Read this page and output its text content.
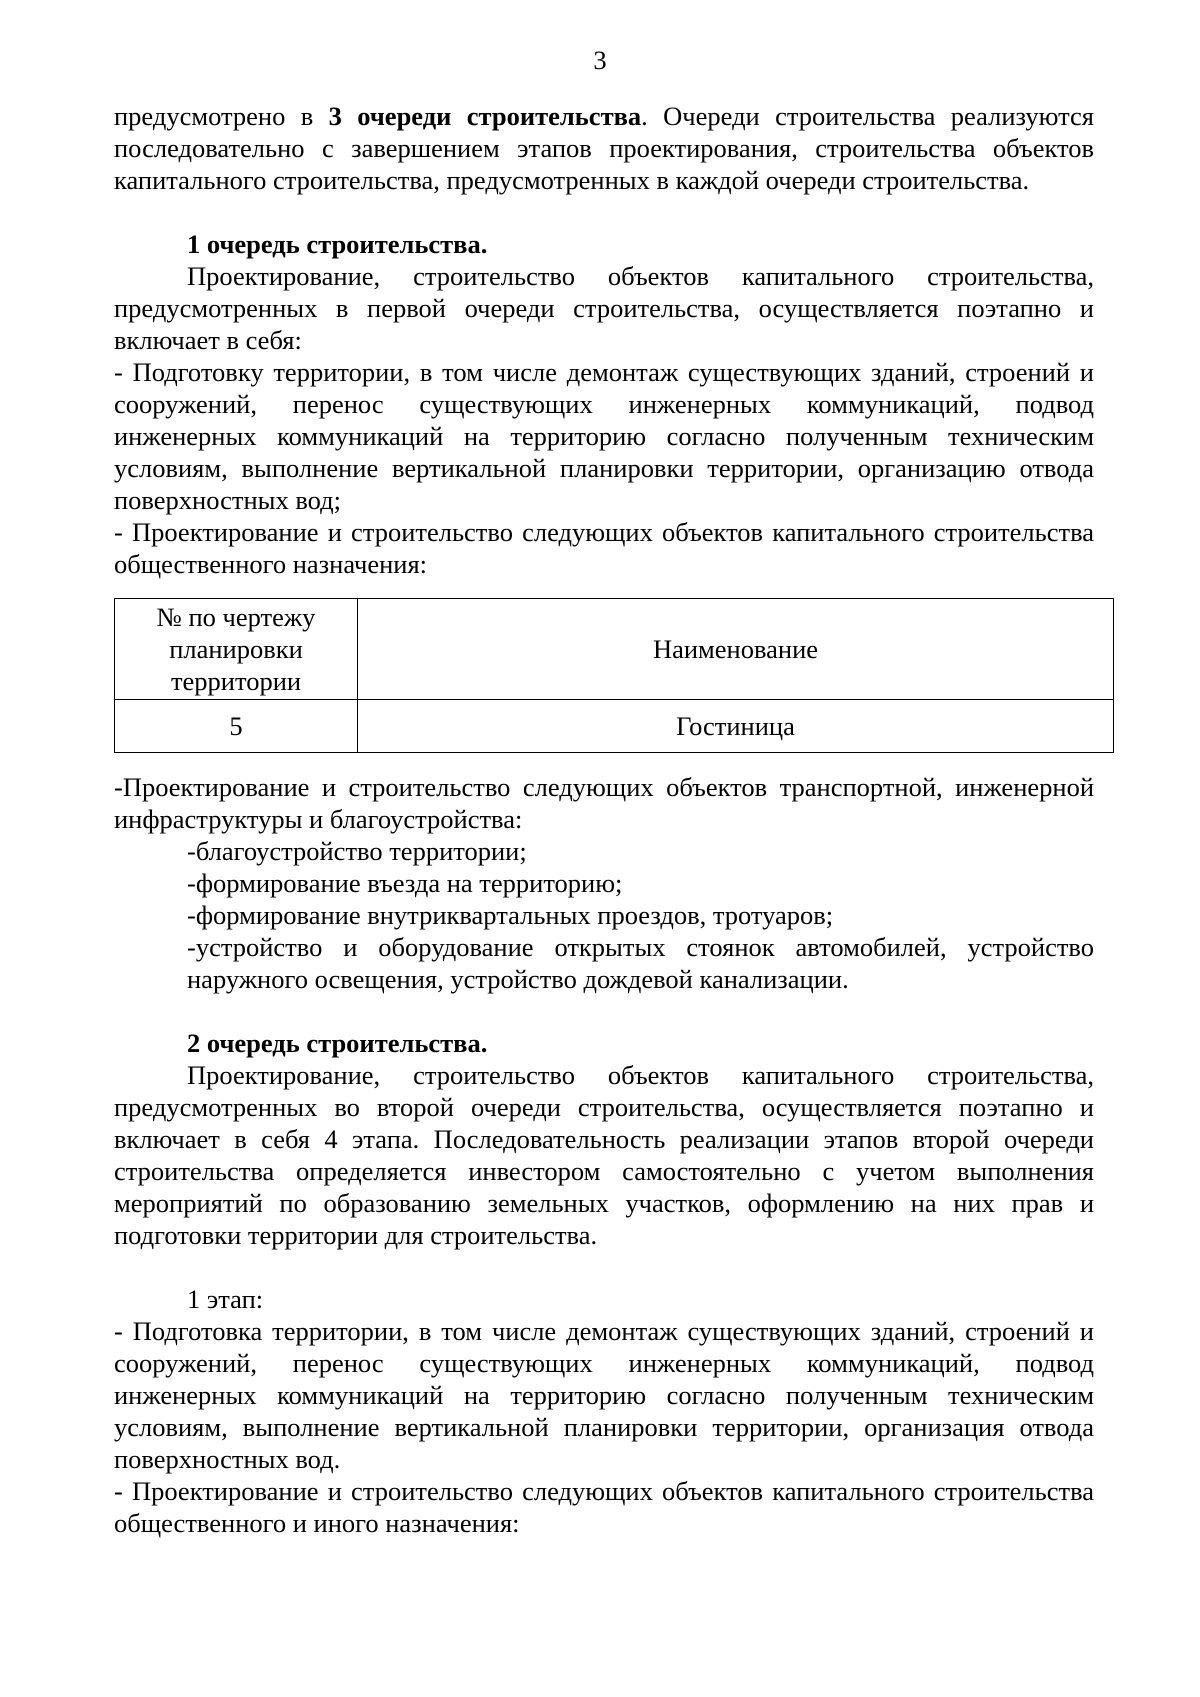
3

предусмотрено в 3 очереди строительства. Очереди строительства реализуются последовательно с завершением этапов проектирования, строительства объектов капитального строительства, предусмотренных в каждой очереди строительства.

1 очередь строительства.

Проектирование, строительство объектов капитального строительства, предусмотренных в первой очереди строительства, осуществляется поэтапно и включает в себя:

- Подготовку территории, в том числе демонтаж существующих зданий, строений и сооружений, перенос существующих инженерных коммуникаций, подвод инженерных коммуникаций на территорию согласно полученным техническим условиям, выполнение вертикальной планировки территории, организацию отвода поверхностных вод;

- Проектирование и строительство следующих объектов капитального строительства общественного назначения:

№ по чертежу планировки территории	Наименование
5	Гостиница

-Проектирование и строительство следующих объектов транспортной, инженерной инфраструктуры и благоустройства:

-благоустройство территории;

-формирование въезда на территорию;

-формирование внутриквартальных проездов, тротуаров;

-устройство и оборудование открытых стоянок автомобилей, устройство наружного освещения, устройство дождевой канализации.

2 очередь строительства.

Проектирование, строительство объектов капитального строительства, предусмотренных во второй очереди строительства, осуществляется поэтапно и включает в себя 4 этапа. Последовательность реализации этапов второй очереди строительства определяется инвестором самостоятельно с учетом выполнения мероприятий по образованию земельных участков, оформлению на них прав и подготовки территории для строительства.

1 этап:

- Подготовка территории, в том числе демонтаж существующих зданий, строений и сооружений, перенос существующих инженерных коммуникаций, подвод инженерных коммуникаций на территорию согласно полученным техническим условиям, выполнение вертикальной планировки территории, организация отвода поверхностных вод.

- Проектирование и строительство следующих объектов капитального строительства общественного и иного назначения:
